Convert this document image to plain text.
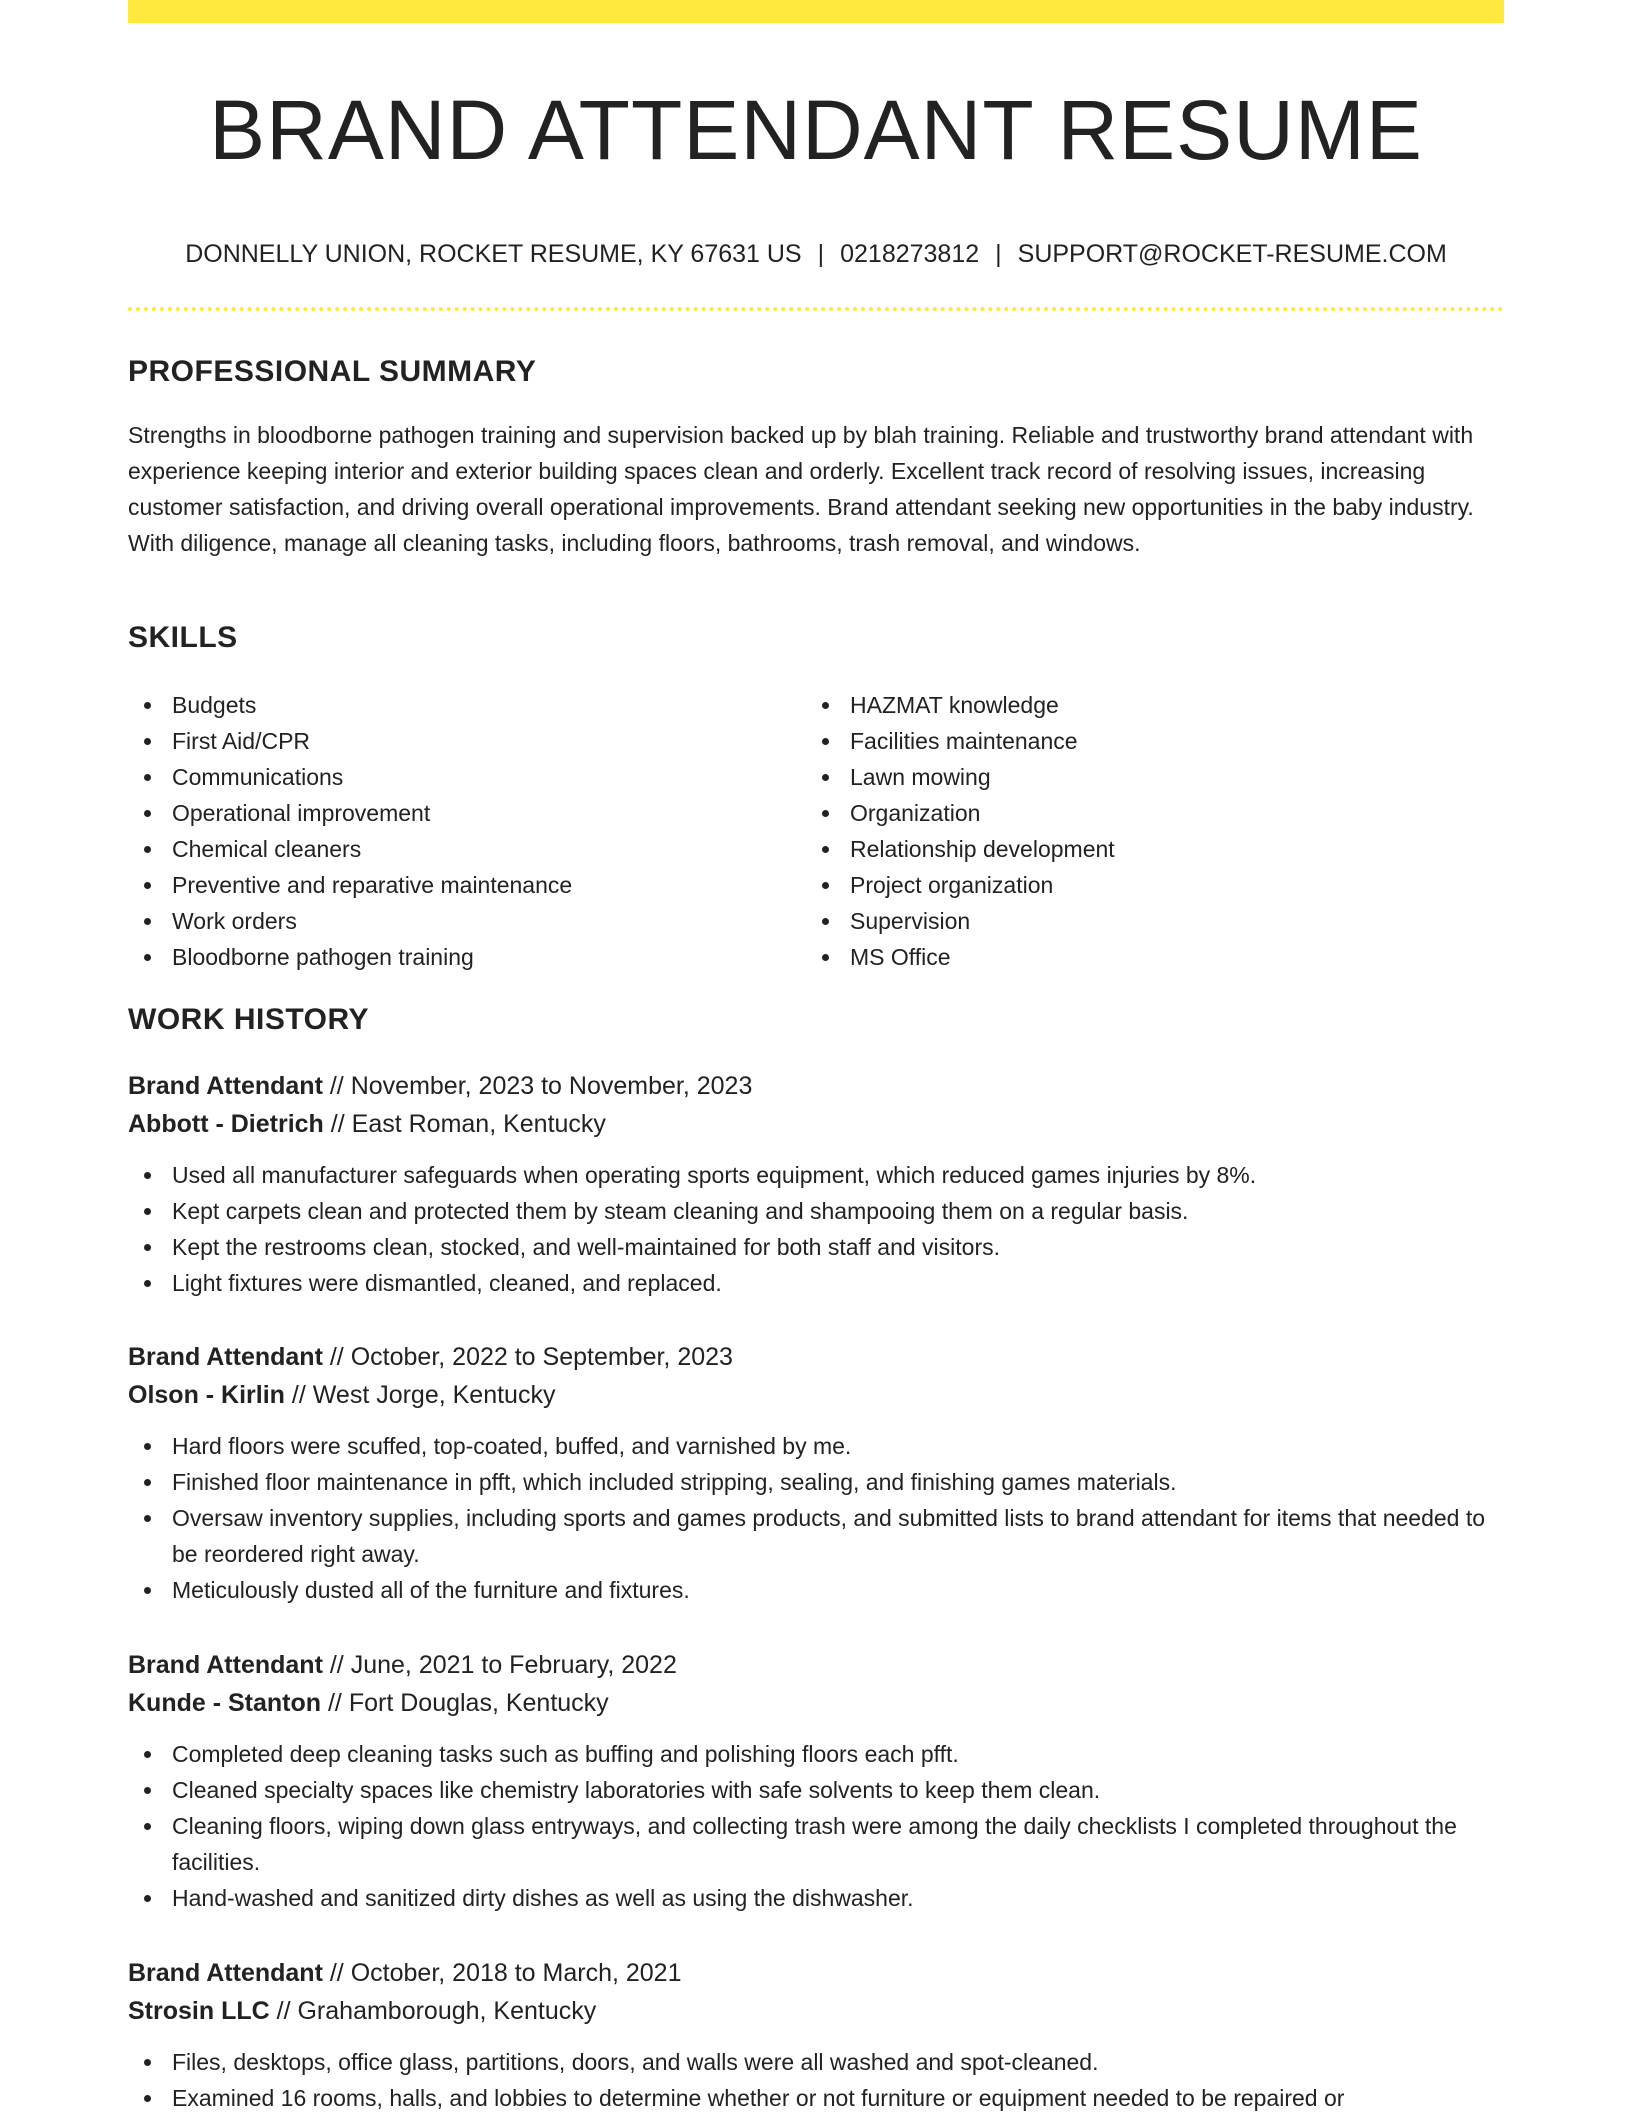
BRAND ATTENDANT RESUME
DONNELLY UNION, ROCKET RESUME, KY 67631 US | 0218273812 | SUPPORT@ROCKET-RESUME.COM
PROFESSIONAL SUMMARY

Strengths in bloodborne pathogen training and supervision backed up by blah training. Reliable and trustworthy brand attendant with experience keeping interior and exterior building spaces clean and orderly. Excellent track record of resolving issues, increasing customer satisfaction, and driving overall operational improvements. Brand attendant seeking new opportunities in the baby industry. With diligence, manage all cleaning tasks, including floors, bathrooms, trash removal, and windows.

SKILLS
Budgets
First Aid/CPR
Communications
Operational improvement
Chemical cleaners
Preventive and reparative maintenance
Work orders
Bloodborne pathogen training
HAZMAT knowledge
Facilities maintenance
Lawn mowing
Organization
Relationship development
Project organization
Supervision
MS Office
WORK HISTORY
Brand Attendant // November, 2023 to November, 2023
Abbott - Dietrich // East Roman, Kentucky
Used all manufacturer safeguards when operating sports equipment, which reduced games injuries by 8%.
Kept carpets clean and protected them by steam cleaning and shampooing them on a regular basis.
Kept the restrooms clean, stocked, and well-maintained for both staff and visitors.
Light fixtures were dismantled, cleaned, and replaced.
Brand Attendant // October, 2022 to September, 2023
Olson - Kirlin // West Jorge, Kentucky
Hard floors were scuffed, top-coated, buffed, and varnished by me.
Finished floor maintenance in pfft, which included stripping, sealing, and finishing games materials.
Oversaw inventory supplies, including sports and games products, and submitted lists to brand attendant for items that needed to be reordered right away.
Meticulously dusted all of the furniture and fixtures.
Brand Attendant // June, 2021 to February, 2022
Kunde - Stanton // Fort Douglas, Kentucky
Completed deep cleaning tasks such as buffing and polishing floors each pfft.
Cleaned specialty spaces like chemistry laboratories with safe solvents to keep them clean.
Cleaning floors, wiping down glass entryways, and collecting trash were among the daily checklists I completed throughout the facilities.
Hand-washed and sanitized dirty dishes as well as using the dishwasher.
Brand Attendant // October, 2018 to March, 2021
Strosin LLC // Grahamborough, Kentucky
Files, desktops, office glass, partitions, doors, and walls were all washed and spot-cleaned.
Examined 16 rooms, halls, and lobbies to determine whether or not furniture or equipment needed to be repaired or
